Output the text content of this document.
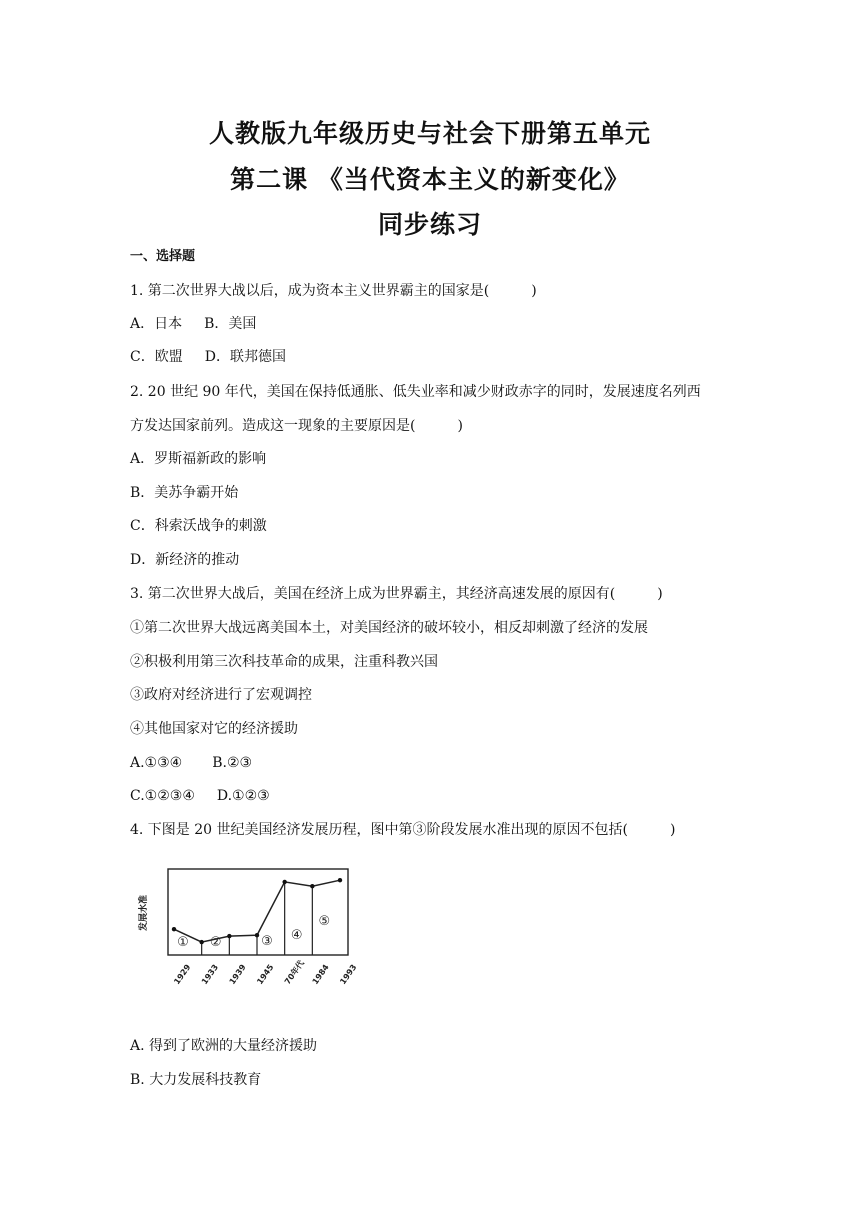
人教版九年级历史与社会下册第五单元
第二课 《当代资本主义的新变化》
同步练习
一、选择题
1. 第二次世界大战以后，成为资本主义世界霸主的国家是(　　　)
A．日本 B．美国
C．欧盟 D．联邦德国
2. 20 世纪 90 年代，美国在保持低通胀、低失业率和减少财政赤字的同时，发展速度名列西
方发达国家前列。造成这一现象的主要原因是(　　　)
A．罗斯福新政的影响
B．美苏争霸开始
C．科索沃战争的刺激
D．新经济的推动
3. 第二次世界大战后，美国在经济上成为世界霸主，其经济高速发展的原因有(　　　)
①第二次世界大战远离美国本土，对美国经济的破坏较小，相反却刺激了经济的发展
②积极利用第三次科技革命的成果，注重科教兴国
③政府对经济进行了宏观调控
④其他国家对它的经济援助
A.①③④ B.②③
C.①②③④ D.①②③
4. 下图是 20 世纪美国经济发展历程，图中第③阶段发展水准出现的原因不包括(　　　)
发展水准
① ②	③ ④
⑤
1929 1933 1939 1945 70年代 1984 1993
A. 得到了欧洲的大量经济援助
B. 大力发展科技教育
